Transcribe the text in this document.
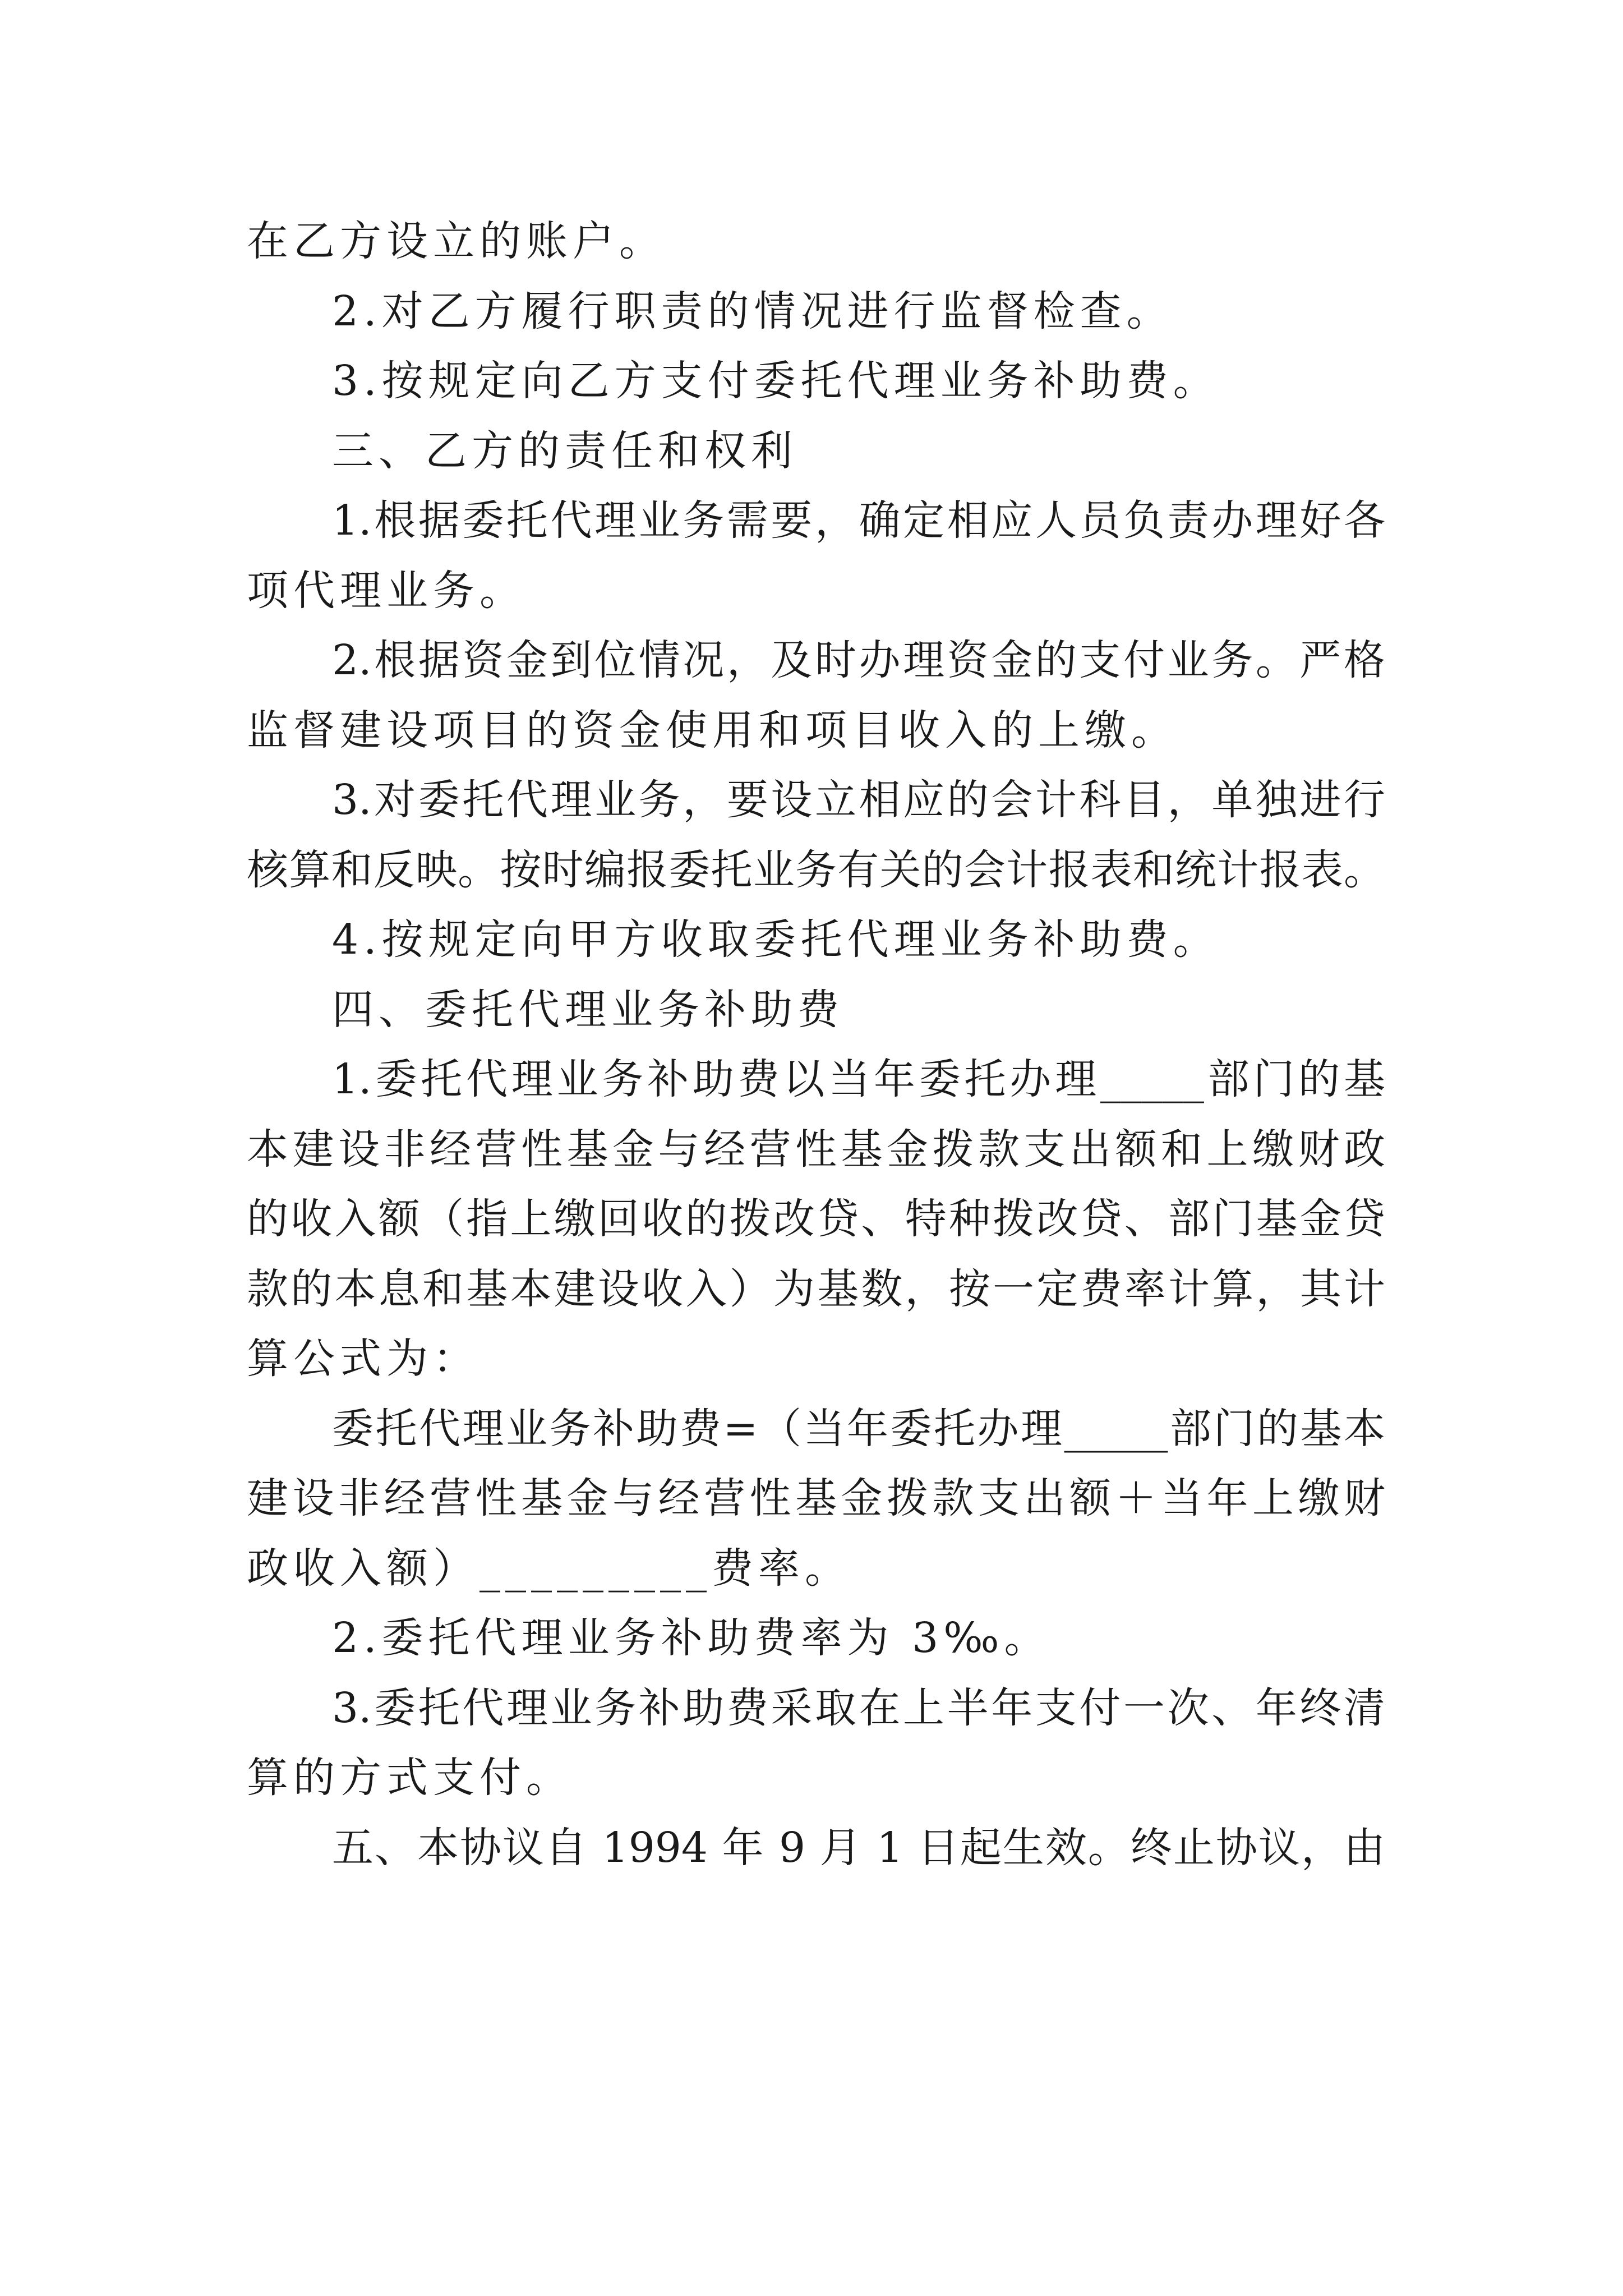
在乙方设立的账户。
2.对乙方履行职责的情况进行监督检查。
3.按规定向乙方支付委托代理业务补助费。
三、乙方的责任和权利
1.根据委托代理业务需要，确定相应人员负责办理好各
项代理业务。
2.根据资金到位情况，及时办理资金的支付业务。严格
监督建设项目的资金使用和项目收入的上缴。
3.对委托代理业务，要设立相应的会计科目，单独进行
核算和反映。按时编报委托业务有关的会计报表和统计报表。
4.按规定向甲方收取委托代理业务补助费。
四、委托代理业务补助费
1.委托代理业务补助费以当年委托办理_____部门的基
本建设非经营性基金与经营性基金拨款支出额和上缴财政
的收入额（指上缴回收的拨改贷、特种拨改贷、部门基金贷
款的本息和基本建设收入）为基数，按一定费率计算，其计
算公式为：
委托代理业务补助费=（当年委托办理_____部门的基本
建设非经营性基金与经营性基金拨款支出额＋当年上缴财
政收入额）_________费率。
2.委托代理业务补助费率为 3‰。
3.委托代理业务补助费采取在上半年支付一次、年终清
算的方式支付。
五、本协议自 1994 年 9 月 1 日起生效。终止协议，由
